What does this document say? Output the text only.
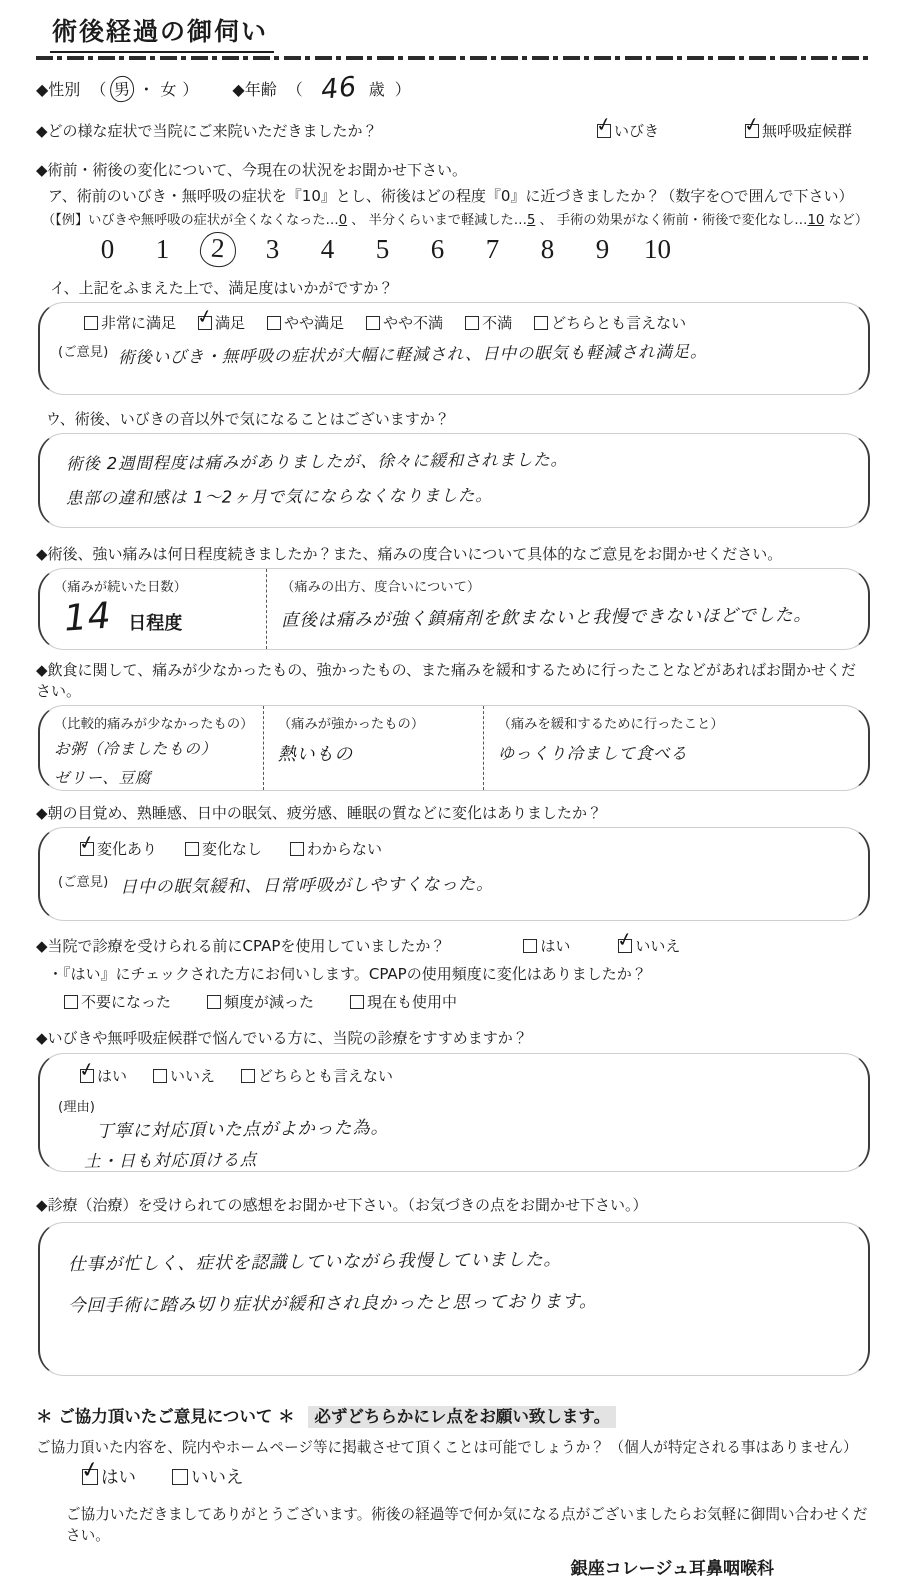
術後経過の御伺い
◆性別 （ 男 ・ 女 ） ◆年齢 （ 46 歳 ）
◆どの様な症状で当院にご来院いただきましたか？ ✓	いびき ✓	無呼吸症候群
◆術前・術後の変化について、今現在の状況をお聞かせ下さい。
ア、術前のいびき・無呼吸の症状を『10』とし、術後はどの程度『0』に近づきましたか？（数字を○で囲んで下さい）
（【例】いびきや無呼吸の症状が全くなくなった…0 、 半分くらいまで軽減した…5 、 手術の効果がなく術前・術後で変化なし…10 など）
0	1	2	3	4	5	6	7	8	9	10
イ、上記をふまえた上で、満足度はいかがですか？
非常に満足 ✓	満足	やや満足	やや不満	不満	どちらとも言えない
(ご意見) 術後いびき・無呼吸の症状が大幅に軽減され、日中の眠気も軽減され満足。
ウ、術後、いびきの音以外で気になることはございますか？
術後 2週間程度は痛みがありましたが、徐々に緩和されました。
患部の違和感は 1～2ヶ月で気にならなくなりました。
◆術後、強い痛みは何日程度続きましたか？また、痛みの度合いについて具体的なご意見をお聞かせください。
（痛みが続いた日数）
14 日程度
（痛みの出方、度合いについて）
直後は痛みが強く鎮痛剤を飲まないと我慢できないほどでした。
◆飲食に関して、痛みが少なかったもの、強かったもの、また痛みを緩和するために行ったことなどがあればお聞かせください。
（比較的痛みが少なかったもの）
お粥（冷ましたもの）
ゼリー、豆腐
（痛みが強かったもの）
熱いもの
（痛みを緩和するために行ったこと）
ゆっくり冷まして食べる
◆朝の目覚め、熟睡感、日中の眠気、疲労感、睡眠の質などに変化はありましたか？
✓
変化あり	変化なし	わからない
(ご意見) 日中の眠気緩和、日常呼吸がしやすくなった。
◆当院で診療を受けられる前にCPAPを使用していましたか？	はい ✓	いいえ
・『はい』にチェックされた方にお伺いします。CPAPの使用頻度に変化はありましたか？
不要になった	頻度が減った	現在も使用中
◆いびきや無呼吸症候群で悩んでいる方に、当院の診療をすすめますか？
✓
はい	いいえ	どちらとも言えない
(理由)
丁寧に対応頂いた点がよかった為。
土・日も対応頂ける点
◆診療（治療）を受けられての感想をお聞かせ下さい。（お気づきの点をお聞かせ下さい。）
仕事が忙しく、症状を認識していながら我慢していました。
今回手術に踏み切り症状が緩和され良かったと思っております。
＊ ご協力頂いたご意見について ＊ 必ずどちらかにレ点をお願い致します。
ご協力頂いた内容を、院内やホームページ等に掲載させて頂くことは可能でしょうか？ （個人が特定される事はありません）
✓
はい	いいえ
ご協力いただきましてありがとうございます。術後の経過等で何か気になる点がございましたらお気軽に御問い合わせください。
銀座コレージュ耳鼻咽喉科
